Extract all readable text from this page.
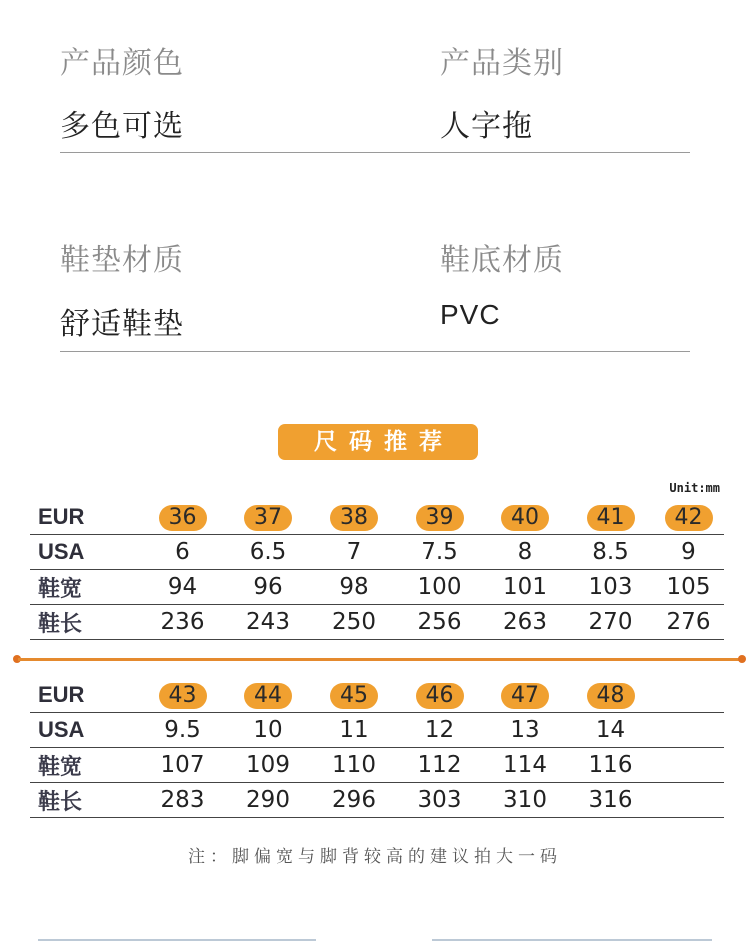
产品颜色
多色可选
产品类别
人字拖
鞋垫材质
舒适鞋垫
鞋底材质
PVC
尺码推荐
Unit:mm
EUR	36	37	38	39	40	41	42
USA	6	6.5	7	7.5	8	8.5	9
鞋宽	94	96	98	100	101	103	105
鞋长	236	243	250	256	263	270	276
EUR	43	44	45	46	47	48	
USA	9.5	10	11	12	13	14	
鞋宽	107	109	110	112	114	116	
鞋长	283	290	296	303	310	316	
注：脚偏宽与脚背较高的建议拍大一码
